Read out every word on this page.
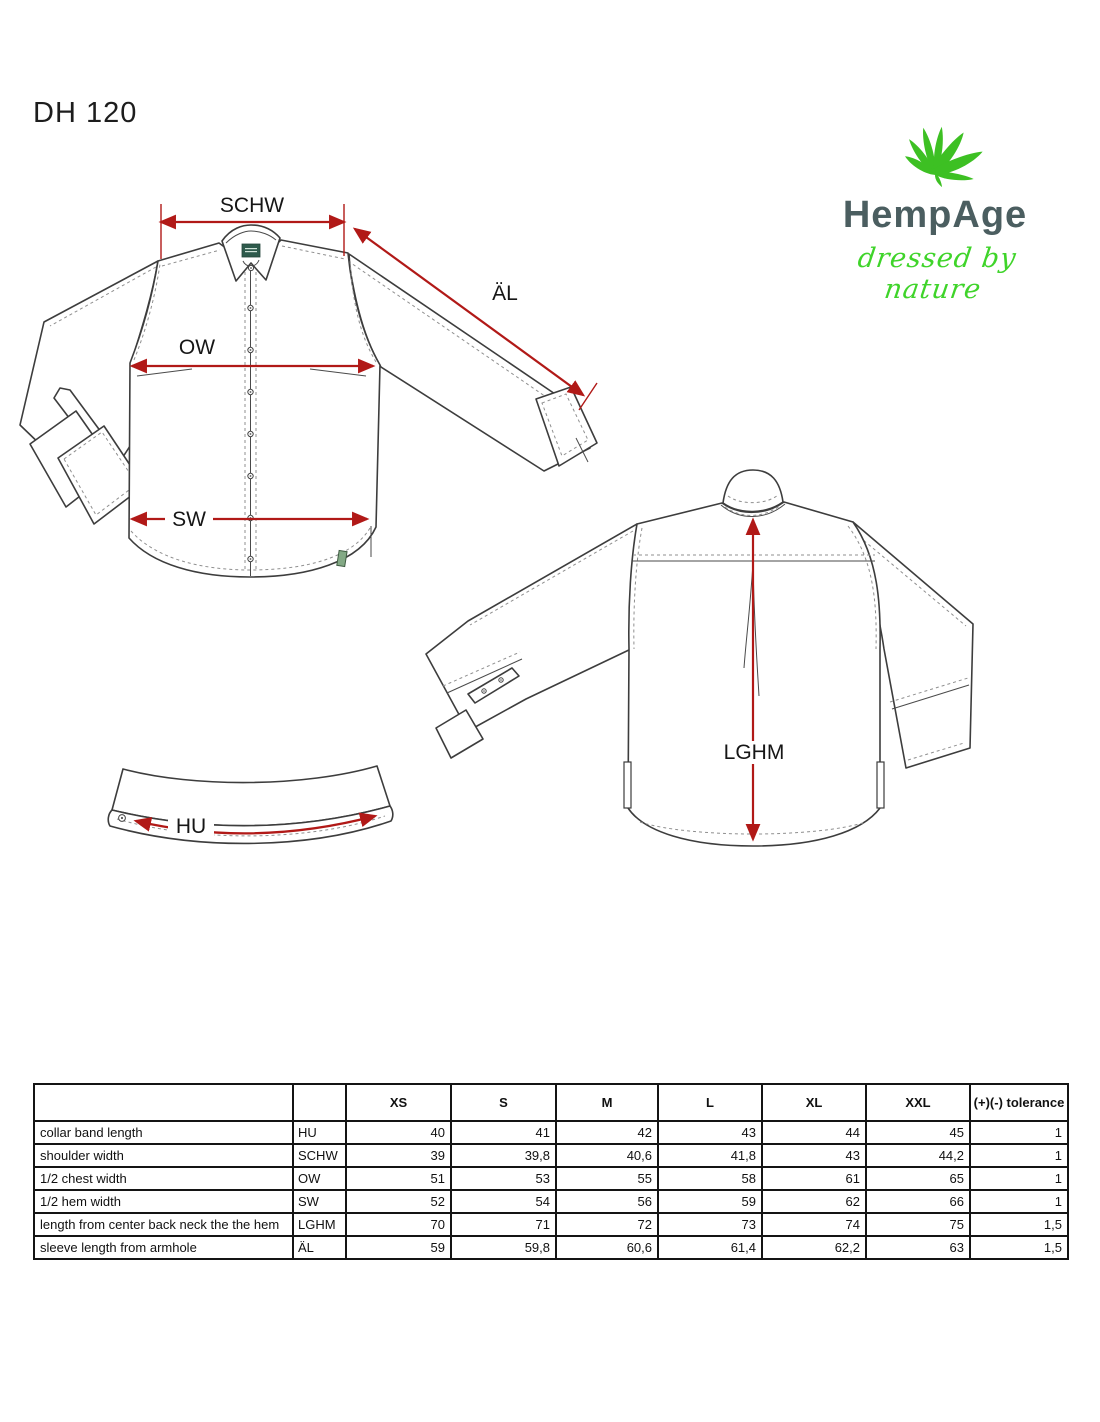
DH 120
HempAge
dressed by nature
SCHW
ÄL
OW
SW
LGHM
HU
		XS	S	M	L	XL	XXL	(+)(-) tolerance
collar band length	HU	40	41	42	43	44	45	1
shoulder width	SCHW	39	39,8	40,6	41,8	43	44,2	1
1/2 chest width	OW	51	53	55	58	61	65	1
1/2 hem width	SW	52	54	56	59	62	66	1
length from center back neck the the hem	LGHM	70	71	72	73	74	75	1,5
sleeve length from armhole	ÄL	59	59,8	60,6	61,4	62,2	63	1,5
